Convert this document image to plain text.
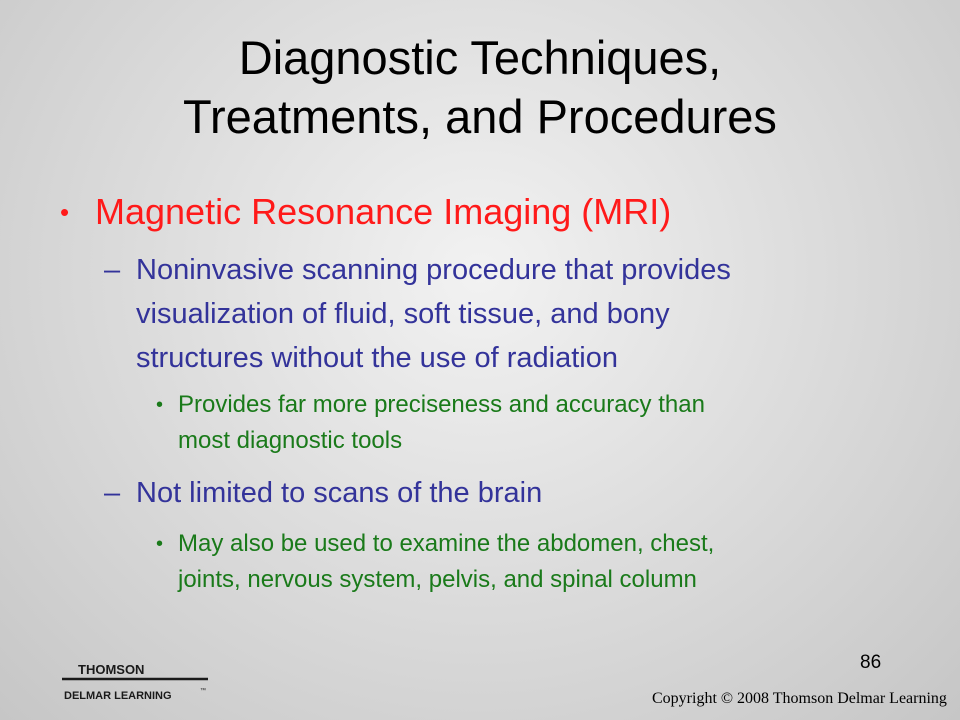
Diagnostic Techniques,
Treatments, and Procedures
• Magnetic Resonance Imaging (MRI)
– Noninvasive scanning procedure that provides
visualization of fluid, soft tissue, and bony
structures without the use of radiation
• Provides far more preciseness and accuracy than
most diagnostic tools
– Not limited to scans of the brain
• May also be used to examine the abdomen, chest,
joints, nervous system, pelvis, and spinal column
86
THOMSON
DELMAR LEARNING	™	Copyright © 2008 Thomson Delmar Learning
